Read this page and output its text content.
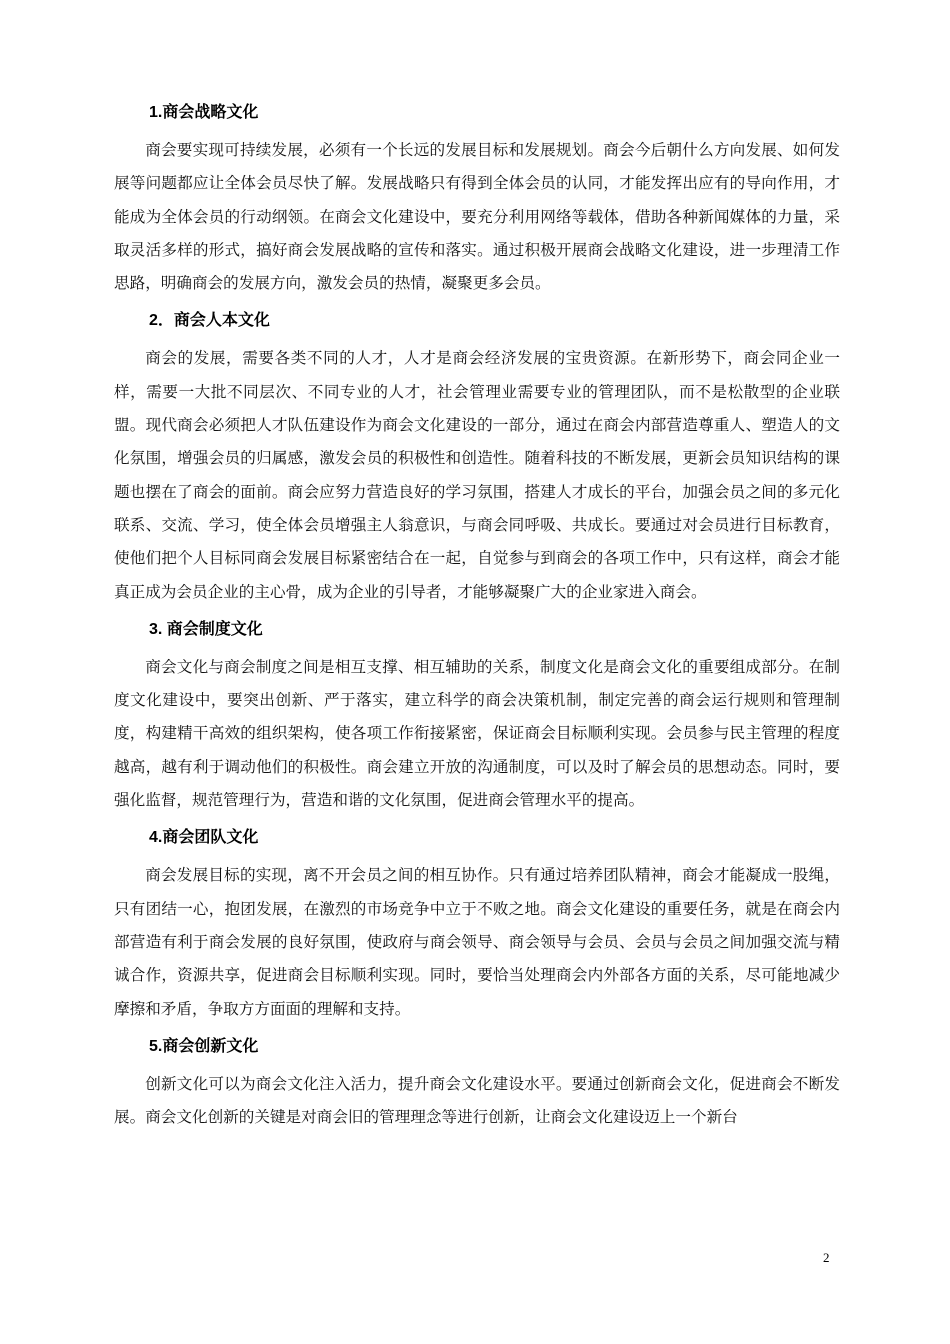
1.商会战略文化

商会要实现可持续发展，必须有一个长远的发展目标和发展规划。商会今后朝什么方向发展、如何发展等问题都应让全体会员尽快了解。发展战略只有得到全体会员的认同，才能发挥出应有的导向作用，才能成为全体会员的行动纲领。在商会文化建设中，要充分利用网络等载体，借助各种新闻媒体的力量，采取灵活多样的形式，搞好商会发展战略的宣传和落实。通过积极开展商会战略文化建设，进一步理清工作思路，明确商会的发展方向，激发会员的热情，凝聚更多会员。

2．商会人本文化

商会的发展，需要各类不同的人才，人才是商会经济发展的宝贵资源。在新形势下，商会同企业一样，需要一大批不同层次、不同专业的人才，社会管理业需要专业的管理团队，而不是松散型的企业联盟。现代商会必须把人才队伍建设作为商会文化建设的一部分，通过在商会内部营造尊重人、塑造人的文化氛围，增强会员的归属感，激发会员的积极性和创造性。随着科技的不断发展，更新会员知识结构的课题也摆在了商会的面前。商会应努力营造良好的学习氛围，搭建人才成长的平台，加强会员之间的多元化联系、交流、学习，使全体会员增强主人翁意识，与商会同呼吸、共成长。要通过对会员进行目标教育，使他们把个人目标同商会发展目标紧密结合在一起，自觉参与到商会的各项工作中，只有这样，商会才能真正成为会员企业的主心骨，成为企业的引导者，才能够凝聚广大的企业家进入商会。

3. 商会制度文化

商会文化与商会制度之间是相互支撑、相互辅助的关系，制度文化是商会文化的重要组成部分。在制度文化建设中，要突出创新、严于落实，建立科学的商会决策机制，制定完善的商会运行规则和管理制度，构建精干高效的组织架构，使各项工作衔接紧密，保证商会目标顺利实现。会员参与民主管理的程度越高，越有利于调动他们的积极性。商会建立开放的沟通制度，可以及时了解会员的思想动态。同时，要强化监督，规范管理行为，营造和谐的文化氛围，促进商会管理水平的提高。

4.商会团队文化

商会发展目标的实现，离不开会员之间的相互协作。只有通过培养团队精神，商会才能凝成一股绳，只有团结一心，抱团发展，在激烈的市场竞争中立于不败之地。商会文化建设的重要任务，就是在商会内部营造有利于商会发展的良好氛围，使政府与商会领导、商会领导与会员、会员与会员之间加强交流与精诚合作，资源共享，促进商会目标顺利实现。同时，要恰当处理商会内外部各方面的关系，尽可能地减少摩擦和矛盾，争取方方面面的理解和支持。

5.商会创新文化

创新文化可以为商会文化注入活力，提升商会文化建设水平。要通过创新商会文化，促进商会不断发展。商会文化创新的关键是对商会旧的管理理念等进行创新，让商会文化建设迈上一个新台

2
